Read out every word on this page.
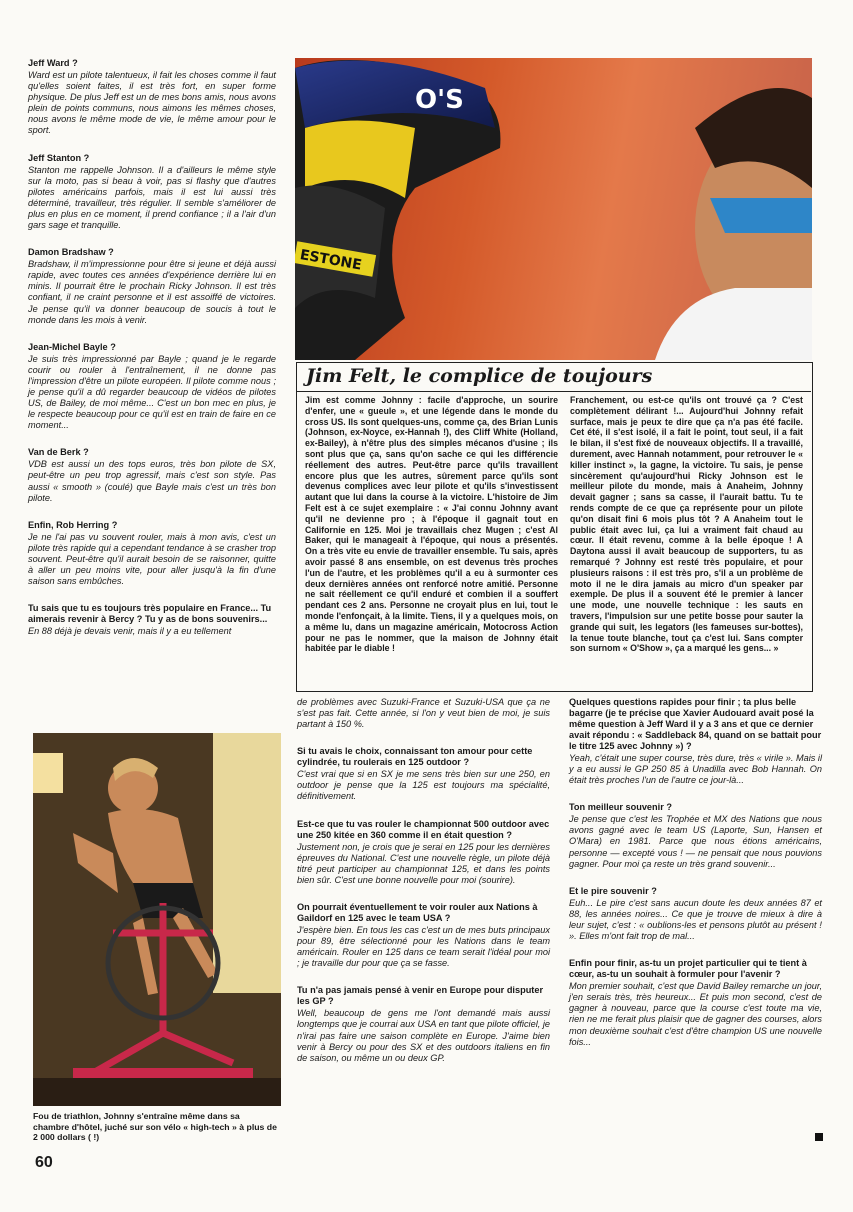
ESTONE
O'S
Jim Felt, le complice de toujours
Jim est comme Johnny : facile d'approche, un sourire d'enfer, une « gueule », et une légende dans le monde du cross US. Ils sont quelques-uns, comme ça, des Brian Lunis (Johnson, ex-Noyce, ex-Hannah !), des Cliff White (Holland, ex-Bailey), à n'être plus des simples mécanos d'usine ; ils sont plus que ça, sans qu'on sache ce qui les différencie réellement des autres. Peut-être parce qu'ils travaillent encore plus que les autres, sûrement parce qu'ils sont devenus complices avec leur pilote et qu'ils s'investissent autant que lui dans la course à la victoire. L'histoire de Jim Felt est à ce sujet exemplaire : « J'ai connu Johnny avant qu'il ne devienne pro ; à l'époque il gagnait tout en Californie en 125. Moi je travaillais chez Mugen ; c'est Al Baker, qui le manageait à l'époque, qui nous a présentés. On a très vite eu envie de travailler ensemble. Tu sais, après avoir passé 8 ans ensemble, on est devenus très proches l'un de l'autre, et les problèmes qu'il a eu à surmonter ces deux dernières années ont renforcé notre amitié. Personne ne sait réellement ce qu'il enduré et combien il a souffert pendant ces 2 ans. Personne ne croyait plus en lui, tout le monde l'enfonçait, à la limite. Tiens, il y a quelques mois, on a même lu, dans un magazine américain, Motocross Action pour ne pas le nommer, que la maison de Johnny était habitée par le diable !
Franchement, ou est-ce qu'ils ont trouvé ça ? C'est complètement délirant !... Aujourd'hui Johnny refait surface, mais je peux te dire que ça n'a pas été facile. Cet été, il s'est isolé, il a fait le point, tout seul, il a fait le bilan, il s'est fixé de nouveaux objectifs. Il a travaillé, durement, avec Hannah notamment, pour retrouver le « killer instinct », la gagne, la victoire. Tu sais, je pense sincèrement qu'aujourd'hui Ricky Johnson est le meilleur pilote du monde, mais à Anaheim, Johnny devait gagner ; sans sa casse, il l'aurait battu. Tu te rends compte de ce que ça représente pour un pilote qu'on disait fini 6 mois plus tôt ? A Anaheim tout le public était avec lui, ça lui a vraiment fait chaud au cœur. Il était revenu, comme à la belle époque ! A Daytona aussi il avait beaucoup de supporters, tu as remarqué ? Johnny est resté très populaire, et pour plusieurs raisons : il est très pro, s'il a un problème de moto il ne le dira jamais au micro d'un speaker par exemple. De plus il a souvent été le premier à lancer une mode, une nouvelle technique : les sauts en travers, l'impulsion sur une petite bosse pour sauter la grande qui suit, les legators (les fameuses sur-bottes), la tenue toute blanche, tout ça c'est lui. Sans compter son surnom « O'Show », ça a marqué les gens... »
Jeff Ward ?
Ward est un pilote talentueux, il fait les choses comme il faut qu'elles soient faites, il est très fort, en super forme physique. De plus Jeff est un de mes bons amis, nous avons plein de points communs, nous aimons les mêmes choses, nous avons le même mode de vie, le même amour pour le sport.
Jeff Stanton ?
Stanton me rappelle Johnson. Il a d'ailleurs le même style sur la moto, pas si beau à voir, pas si flashy que d'autres pilotes américains parfois, mais il est lui aussi très déterminé, travailleur, très régulier. Il semble s'améliorer de plus en plus en ce moment, il prend confiance ; il a l'air d'un gars sage et tranquille.
Damon Bradshaw ?
Bradshaw, il m'impressionne pour être si jeune et déjà aussi rapide, avec toutes ces années d'expérience derrière lui en minis. Il pourrait être le prochain Ricky Johnson. Il est très confiant, il ne craint personne et il est assoiffé de victoires. Je pense qu'il va donner beaucoup de soucis à tout le monde dans les mois à venir.
Jean-Michel Bayle ?
Je suis très impressionné par Bayle ; quand je le regarde courir ou rouler à l'entraînement, il ne donne pas l'impression d'être un pilote européen. Il pilote comme nous ; je pense qu'il a dû regarder beaucoup de vidéos de pilotes US, de Bailey, de moi même... C'est un bon mec en plus, je le respecte beaucoup pour ce qu'il est en train de faire en ce moment...
Van de Berk ?
VDB est aussi un des tops euros, très bon pilote de SX, peut-être un peu trop agressif, mais c'est son style. Pas aussi « smooth » (coulé) que Bayle mais c'est un très bon pilote.
Enfin, Rob Herring ?
Je ne l'ai pas vu souvent rouler, mais à mon avis, c'est un pilote très rapide qui a cependant tendance à se crasher trop souvent. Peut-être qu'il aurait besoin de se raisonner, quitte à aller un peu moins vite, pour aller jusqu'à la fin d'une saison sans embûches.
Tu sais que tu es toujours très populaire en France... Tu aimerais revenir à Bercy ? Tu y as de bons souvenirs...
En 88 déjà je devais venir, mais il y a eu tellement
Fou de triathlon, Johnny s'entraîne même dans sa chambre d'hôtel, juché sur son vélo « high-tech » à plus de 2 000 dollars ( !)
de problèmes avec Suzuki-France et Suzuki-USA que ça ne s'est pas fait. Cette année, si l'on y veut bien de moi, je suis partant à 150 %.
Si tu avais le choix, connaissant ton amour pour cette cylindrée, tu roulerais en 125 outdoor ?
C'est vrai que si en SX je me sens très bien sur une 250, en outdoor je pense que la 125 est toujours ma spécialité, définitivement.
Est-ce que tu vas rouler le championnat 500 outdoor avec une 250 kitée en 360 comme il en était question ?
Justement non, je crois que je serai en 125 pour les dernières épreuves du National. C'est une nouvelle règle, un pilote déjà titré peut participer au championnat 125, et dans les points bien sûr. C'est une bonne nouvelle pour moi (sourire).
On pourrait éventuellement te voir rouler aux Nations à Gaildorf en 125 avec le team USA ?
J'espère bien. En tous les cas c'est un de mes buts principaux pour 89, être sélectionné pour les Nations dans le team américain. Rouler en 125 dans ce team serait l'idéal pour moi ; je travaille dur pour que ça se fasse.
Tu n'a pas jamais pensé à venir en Europe pour disputer les GP ?
Well, beaucoup de gens me l'ont demandé mais aussi longtemps que je courrai aux USA en tant que pilote officiel, je n'irai pas faire une saison complète en Europe. J'aime bien venir à Bercy ou pour des SX et des outdoors italiens en fin de saison, ou même un ou deux GP.
Quelques questions rapides pour finir ; ta plus belle bagarre (je te précise que Xavier Audouard avait posé la même question à Jeff Ward il y a 3 ans et que ce dernier avait répondu : « Saddleback 84, quand on se battait pour le titre 125 avec Johnny ») ?
Yeah, c'était une super course, très dure, très « virile ». Mais il y a eu aussi le GP 250 85 à Unadilla avec Bob Hannah. On était très proches l'un de l'autre ce jour-là...
Ton meilleur souvenir ?
Je pense que c'est les Trophée et MX des Nations que nous avons gagné avec le team US (Laporte, Sun, Hansen et O'Mara) en 1981. Parce que nous étions américains, personne — excepté vous ! — ne pensait que nous pouvions gagner. Pour moi ça reste un très grand souvenir...
Et le pire souvenir ?
Euh... Le pire c'est sans aucun doute les deux années 87 et 88, les années noires... Ce que je trouve de mieux à dire à leur sujet, c'est : « oublions-les et pensons plutôt au présent ! ». Elles m'ont fait trop de mal...
Enfin pour finir, as-tu un projet particulier qui te tient à cœur, as-tu un souhait à formuler pour l'avenir ?
Mon premier souhait, c'est que David Bailey remarche un jour, j'en serais très, très heureux... Et puis mon second, c'est de gagner à nouveau, parce que la course c'est toute ma vie, rien ne me ferait plus plaisir que de gagner des courses, alors mon deuxième souhait c'est d'être champion US une nouvelle fois...
60
